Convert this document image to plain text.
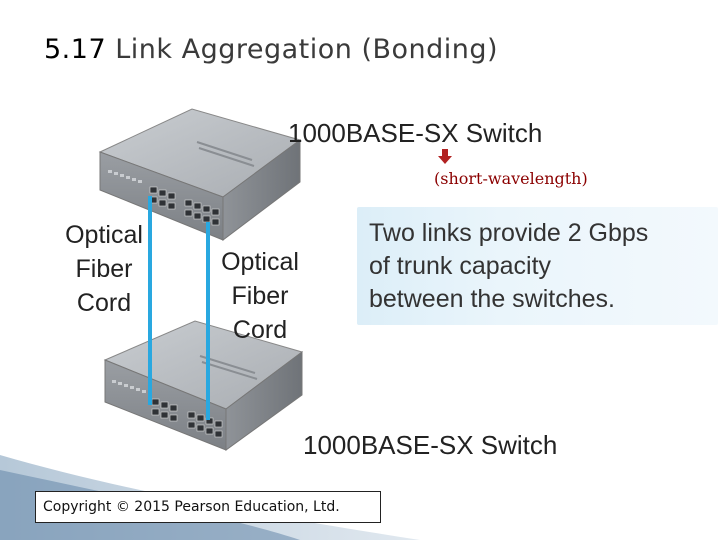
5.17 Link Aggregation (Bonding)
1000BASE-SX Switch
(short-wavelength)
Optical
Fiber
Cord
Optical
Fiber
Cord
Two links provide 2 Gbps
of trunk capacity
between the switches.
1000BASE-SX Switch
Copyright © 2015 Pearson Education, Ltd.
